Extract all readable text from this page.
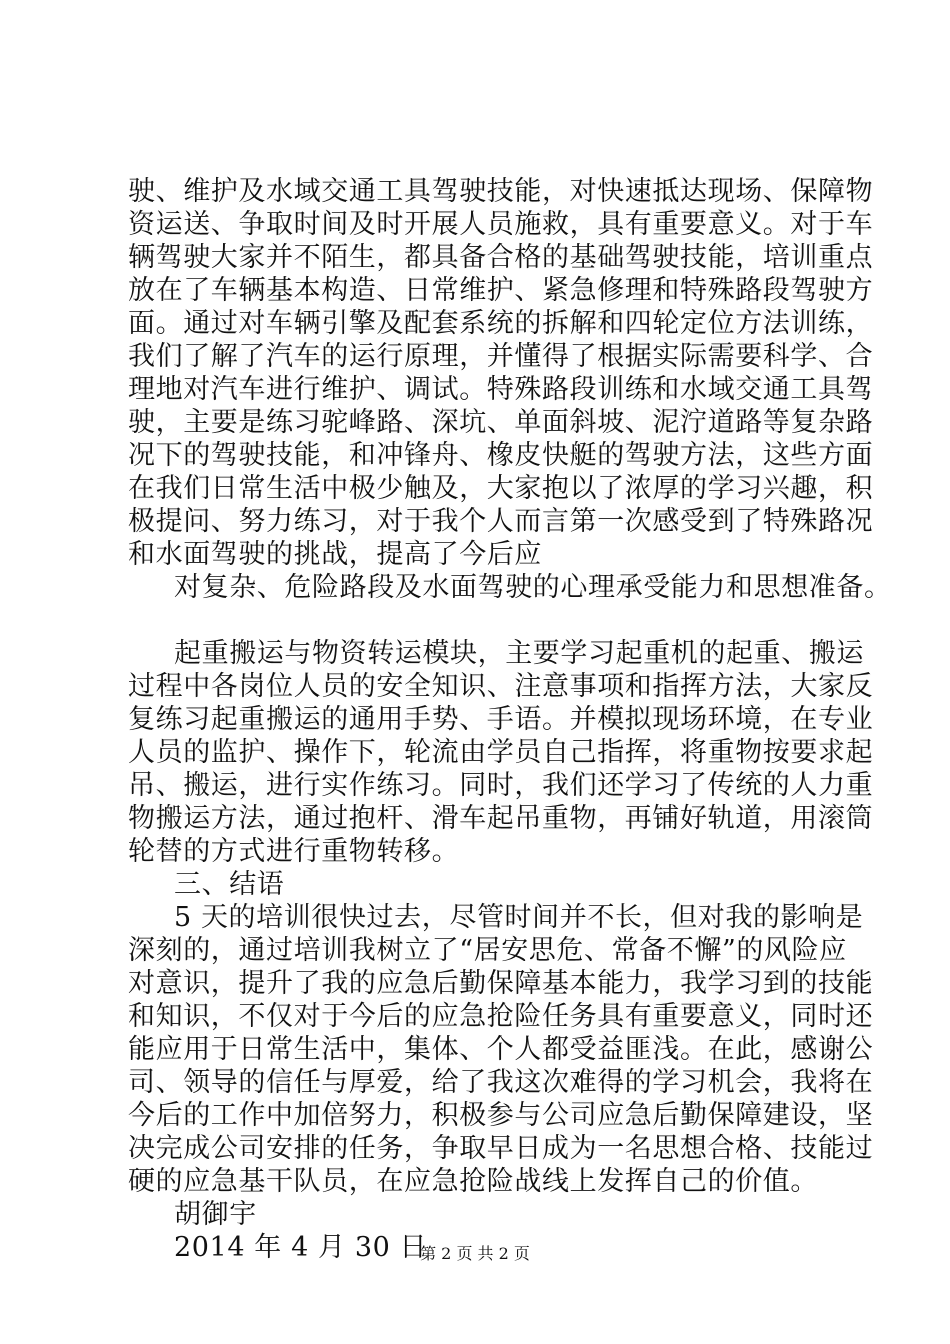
驶、维护及水域交通工具驾驶技能，对快速抵达现场、保障物
资运送、争取时间及时开展人员施救，具有重要意义。对于车
辆驾驶大家并不陌生，都具备合格的基础驾驶技能，培训重点
放在了车辆基本构造、日常维护、紧急修理和特殊路段驾驶方
面。通过对车辆引擎及配套系统的拆解和四轮定位方法训练，
我们了解了汽车的运行原理，并懂得了根据实际需要科学、合
理地对汽车进行维护、调试。特殊路段训练和水域交通工具驾
驶，主要是练习驼峰路、深坑、单面斜坡、泥泞道路等复杂路
况下的驾驶技能，和冲锋舟、橡皮快艇的驾驶方法，这些方面
在我们日常生活中极少触及，大家抱以了浓厚的学习兴趣，积
极提问、努力练习，对于我个人而言第一次感受到了特殊路况
和水面驾驶的挑战，提高了今后应
对复杂、危险路段及水面驾驶的心理承受能力和思想准备。
起重搬运与物资转运模块，主要学习起重机的起重、搬运
过程中各岗位人员的安全知识、注意事项和指挥方法，大家反
复练习起重搬运的通用手势、手语。并模拟现场环境，在专业
人员的监护、操作下，轮流由学员自己指挥，将重物按要求起
吊、搬运，进行实作练习。同时，我们还学习了传统的人力重
物搬运方法，通过抱杆、滑车起吊重物，再铺好轨道，用滚筒
轮替的方式进行重物转移。
三、结语
5 天的培训很快过去，尽管时间并不长，但对我的影响是
深刻的，通过培训我树立了“居安思危、常备不懈”的风险应
对意识，提升了我的应急后勤保障基本能力，我学习到的技能
和知识，不仅对于今后的应急抢险任务具有重要意义，同时还
能应用于日常生活中，集体、个人都受益匪浅。在此，感谢公
司、领导的信任与厚爱，给了我这次难得的学习机会，我将在
今后的工作中加倍努力，积极参与公司应急后勤保障建设，坚
决完成公司安排的任务，争取早日成为一名思想合格、技能过
硬的应急基干队员，在应急抢险战线上发挥自己的价值。
胡御宇
2014 年 4 月 30 日
第 2 页 共 2 页
